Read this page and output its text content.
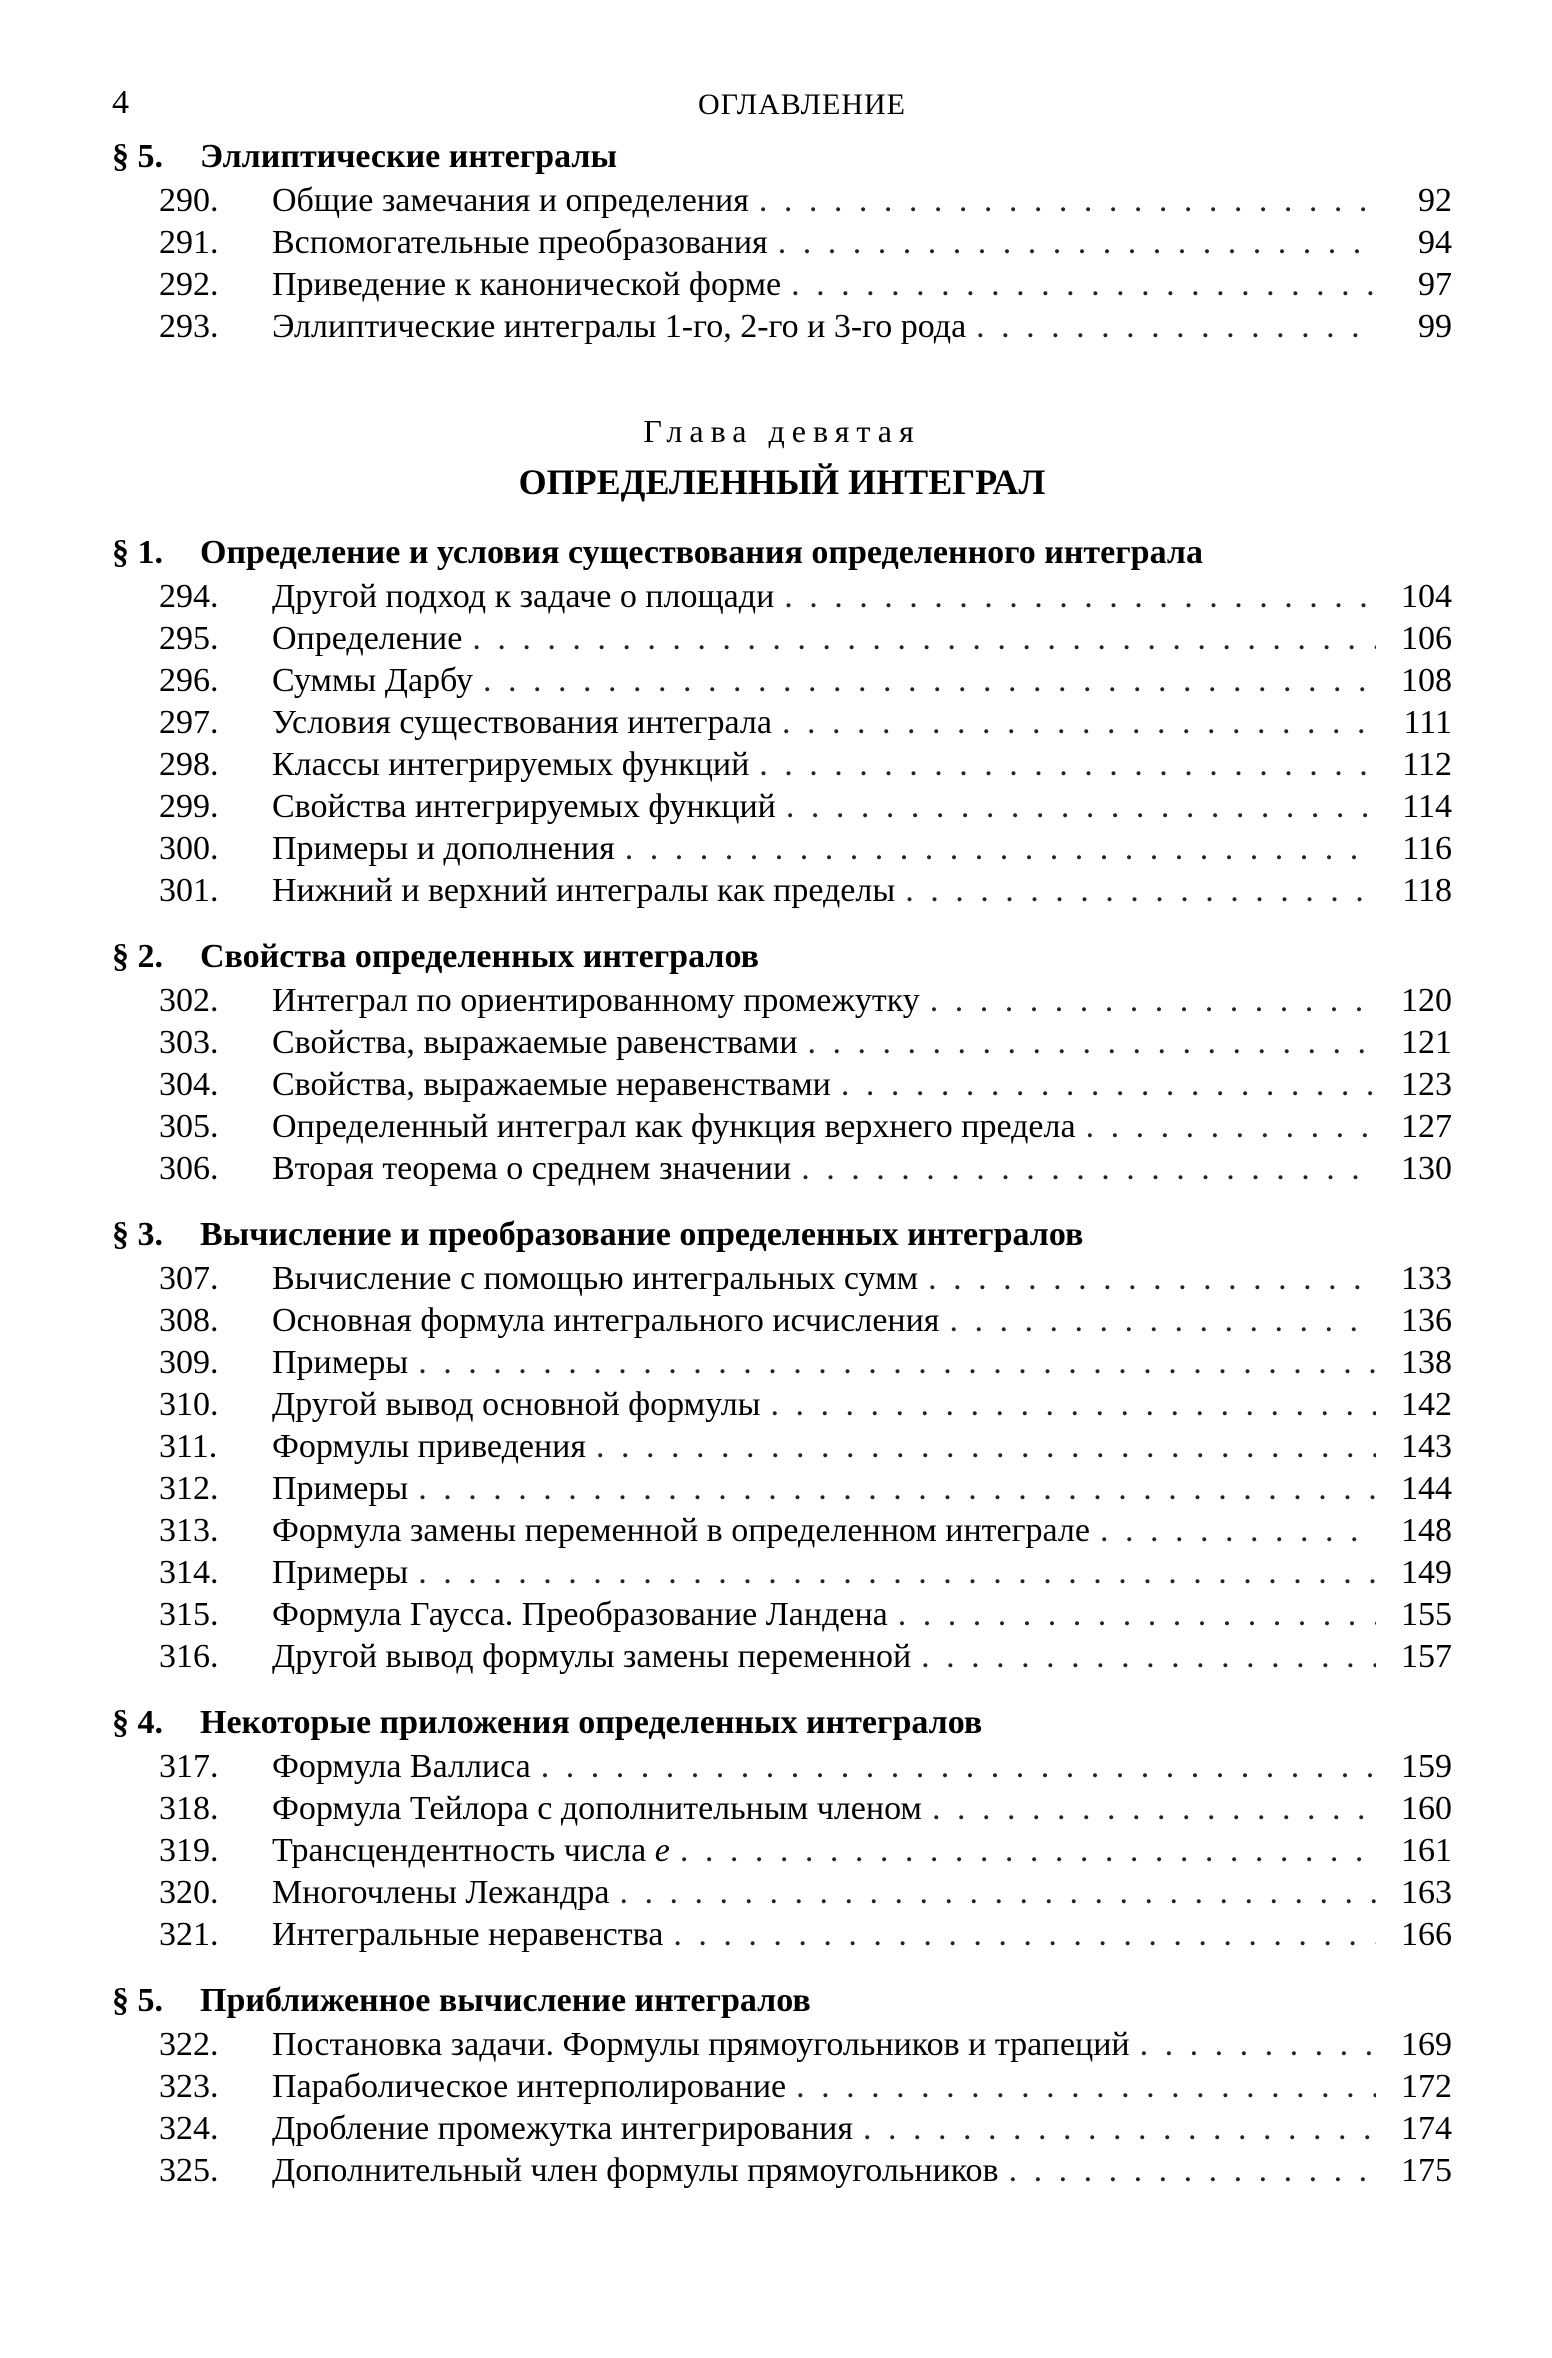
4	ОГЛАВЛЕНИЕ
§ 5. Эллиптические интегралы
290.	Общие замечания и определения . . .	92
291.	Вспомогательные преобразования . . .	94
292.	Приведение к канонической форме . . .	97
293.	Эллиптические интегралы 1-го, 2-го и 3-го рода . . .	99
Глава девятая
ОПРЕДЕЛЕННЫЙ ИНТЕГРАЛ
§ 1. Определение и условия существования определенного интеграла
294.	Другой подход к задаче о площади . . .	104
295.	Определение . . .	106
296.	Суммы Дарбу . . .	108
297.	Условия существования интеграла . . .	111
298.	Классы интегрируемых функций . . .	112
299.	Свойства интегрируемых функций . . .	114
300.	Примеры и дополнения . . .	116
301.	Нижний и верхний интегралы как пределы . . .	118
§ 2. Свойства определенных интегралов
302.	Интеграл по ориентированному промежутку . . .	120
303.	Свойства, выражаемые равенствами . . .	121
304.	Свойства, выражаемые неравенствами . . .	123
305.	Определенный интеграл как функция верхнего предела . . .	127
306.	Вторая теорема о среднем значении . . .	130
§ 3. Вычисление и преобразование определенных интегралов
307.	Вычисление с помощью интегральных сумм . . .	133
308.	Основная формула интегрального исчисления . . .	136
309.	Примеры . . .	138
310.	Другой вывод основной формулы . . .	142
311.	Формулы приведения . . .	143
312.	Примеры . . .	144
313.	Формула замены переменной в определенном интеграле . . .	148
314.	Примеры . . .	149
315.	Формула Гаусса. Преобразование Ландена . . .	155
316.	Другой вывод формулы замены переменной . . .	157
§ 4. Некоторые приложения определенных интегралов
317.	Формула Валлиса . . .	159
318.	Формула Тейлора с дополнительным членом . . .	160
319.	Трансцендентность числа e . . .	161
320.	Многочлены Лежандра . . .	163
321.	Интегральные неравенства . . .	166
§ 5. Приближенное вычисление интегралов
322.	Постановка задачи. Формулы прямоугольников и трапеций . . .	169
323.	Параболическое интерполирование . . .	172
324.	Дробление промежутка интегрирования . . .	174
325.	Дополнительный член формулы прямоугольников . . .	175
